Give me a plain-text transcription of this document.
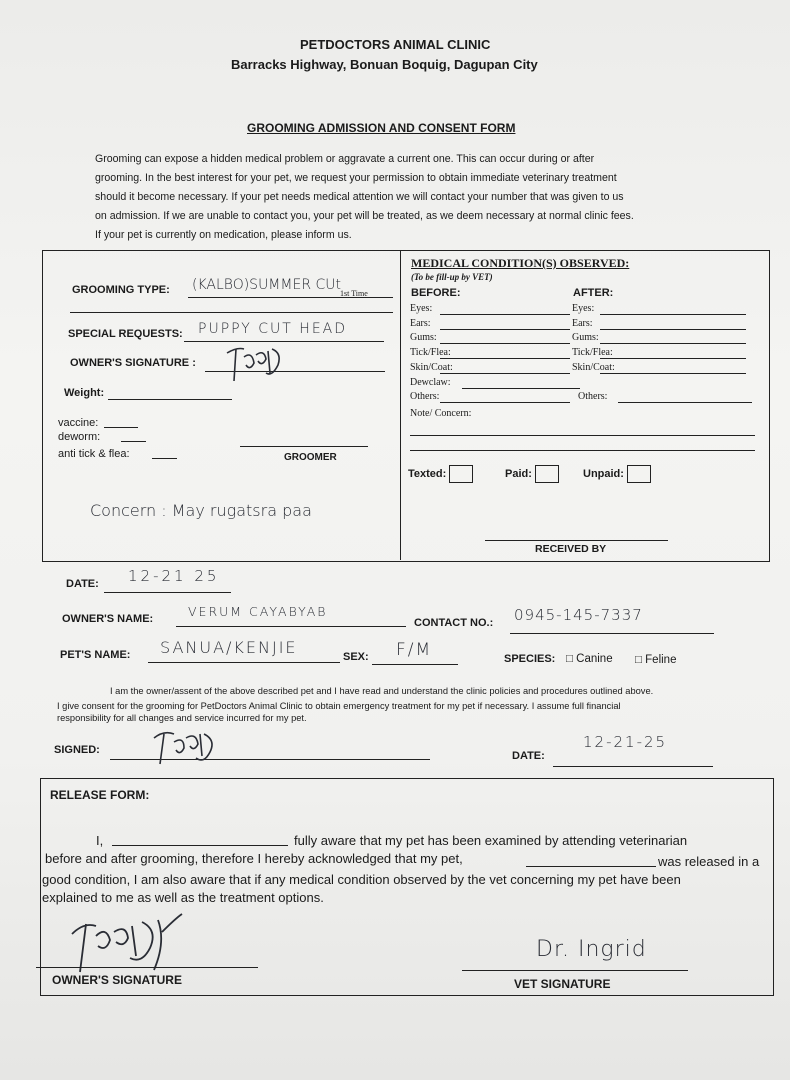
PETDOCTORS ANIMAL CLINIC
Barracks Highway, Bonuan Boquig, Dagupan City
GROOMING ADMISSION AND CONSENT FORM
Grooming can expose a hidden medical problem or aggravate a current one. This can occur during or after
grooming. In the best interest for your pet, we request your permission to obtain immediate veterinary treatment
should it become necessary. If your pet needs medical attention we will contact your number that was given to us
on admission. If we are unable to contact you, your pet will be treated, as we deem necessary at normal clinic fees.
If your pet is currently on medication, please inform us.
GROOMING TYPE: (KALBO)SUMMER CUt
1st Time
SPECIAL REQUESTS: PUPPY CUT HEAD
OWNER'S SIGNATURE :
Weight:
vaccine:
deworm:
anti tick & flea:	GROOMER
Concern : May rugatsra paa
MEDICAL CONDITION(S) OBSERVED:
(To be fill-up by VET)
BEFORE:	AFTER:
Eyes:	Eyes:
Ears:	Ears:
Gums:	Gums:
Tick/Flea:	Tick/Flea:
Skin/Coat:	Skin/Coat:
Dewclaw:
Others:	Others:
Note/ Concern:
Texted:	Paid:	Unpaid:
RECEIVED BY
DATE: 12-21 25
OWNER'S NAME:	VERUM CAYABYAB
CONTACT NO.: 0945-145-7337
PET'S NAME: SANUA/KENJIE	SEX: F/M	SPECIES: □ Canine □ Feline
I am the owner/assent of the above described pet and I have read and understand the clinic policies and procedures outlined above.
I give consent for the grooming for PetDoctors Animal Clinic to obtain emergency treatment for my pet if necessary. I assume full financial
responsibility for all changes and service incurred for my pet.
SIGNED:	DATE:
12-21-25
RELEASE FORM:
I,	fully aware that my pet has been examined by attending veterinarian
before and after grooming, therefore I hereby acknowledged that my pet,	was released in a
good condition, I am also aware that if any medical condition observed by the vet concerning my pet have been
explained to me as well as the treatment options.
OWNER'S SIGNATURE
Dr. Ingrid
VET SIGNATURE
